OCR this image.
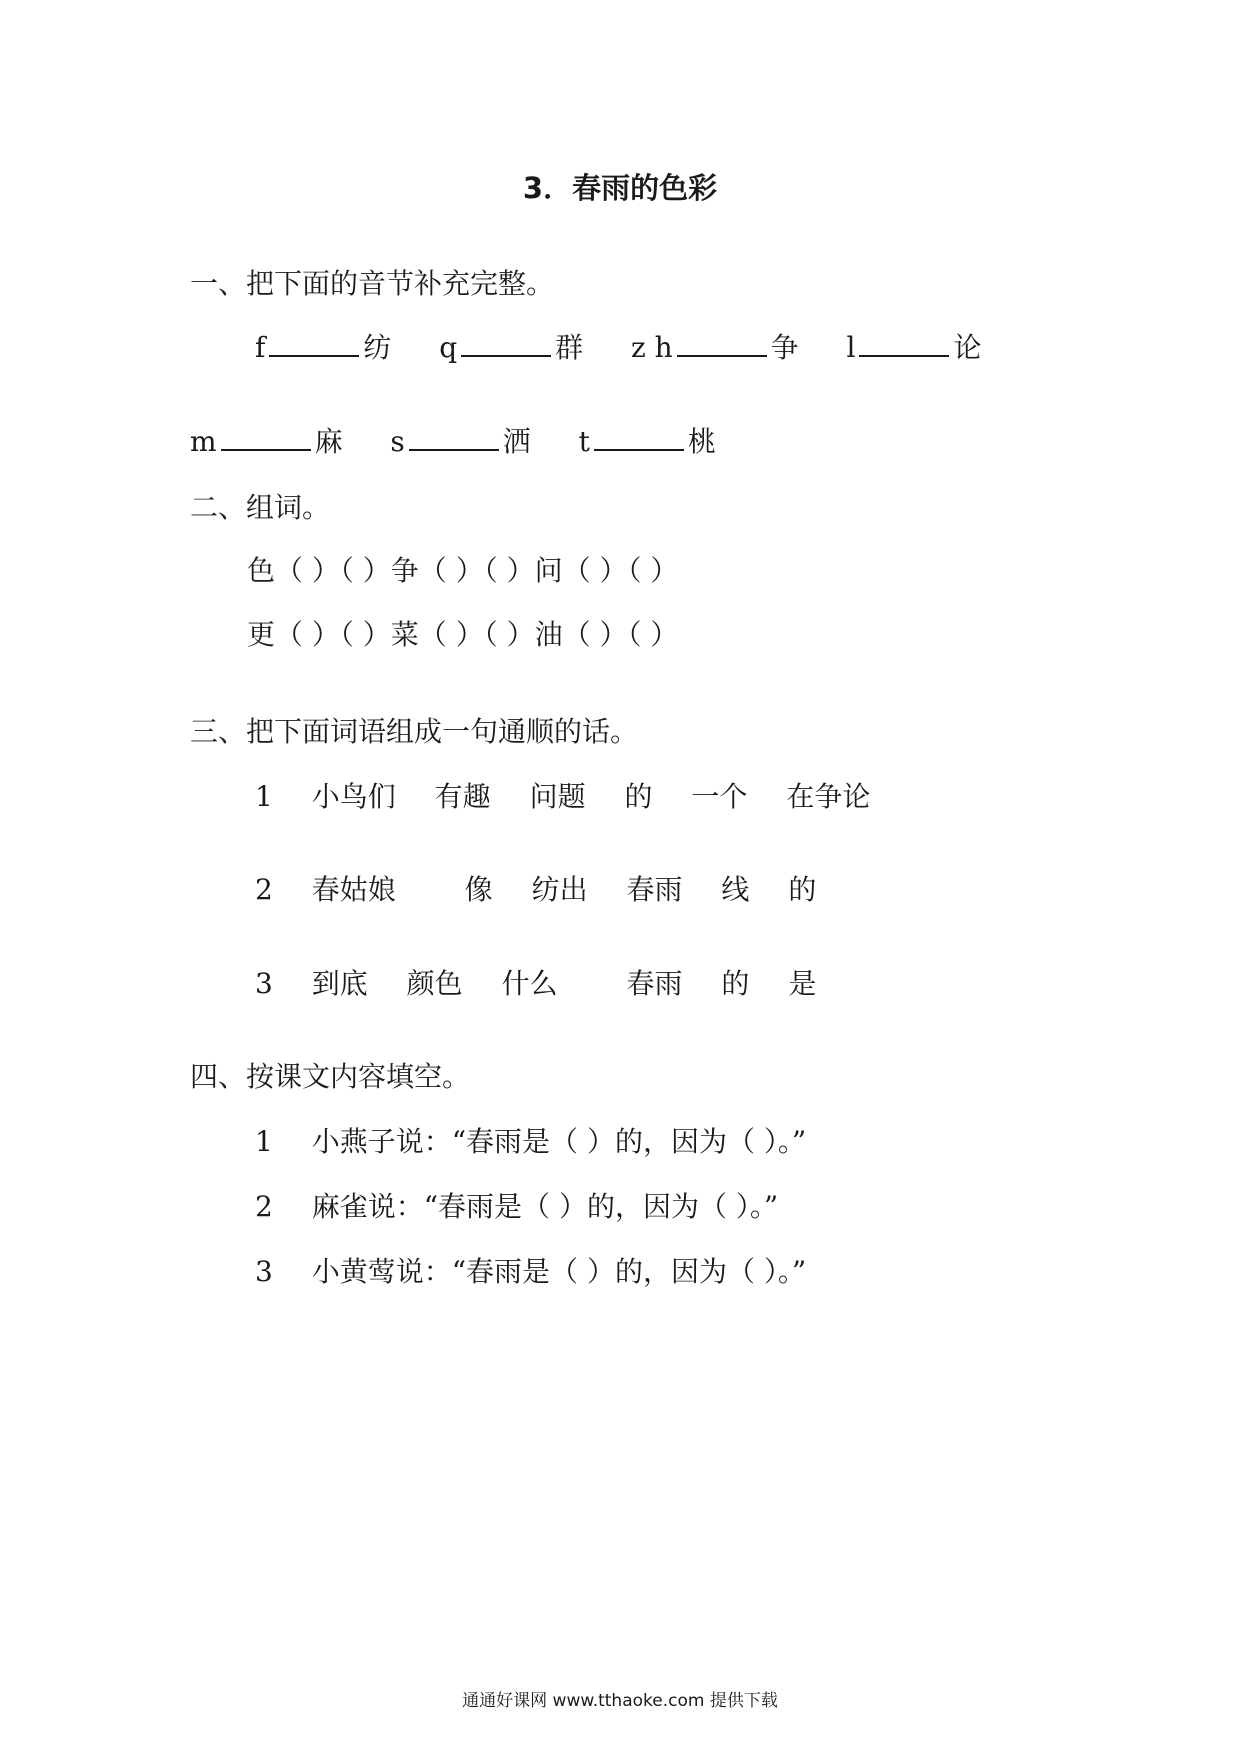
3．春雨的色彩
一、把下面的音节补充完整。
f	纺 q	群 z h	争 l	论
m	麻 s	洒 t	桃
二、组词。
色（ ）（ ）争（ ）（ ）问（ ）（ ）
更（ ）（ ）菜（ ）（ ）油（ ）（ ）
三、把下面词语组成一句通顺的话。
1 小鸟们 有趣 问题 的 一个 在争论
2 春姑娘 像 纺出 春雨 线 的
3 到底 颜色 什么 春雨 的 是
四、按课文内容填空。
1 小燕子说：“春雨是（ ）的，因为（ ）。”
2 麻雀说：“春雨是（ ）的，因为（ ）。”
3 小黄莺说：“春雨是（ ）的，因为（ ）。”
通通好课网 www.tthaoke.com 提供下载
